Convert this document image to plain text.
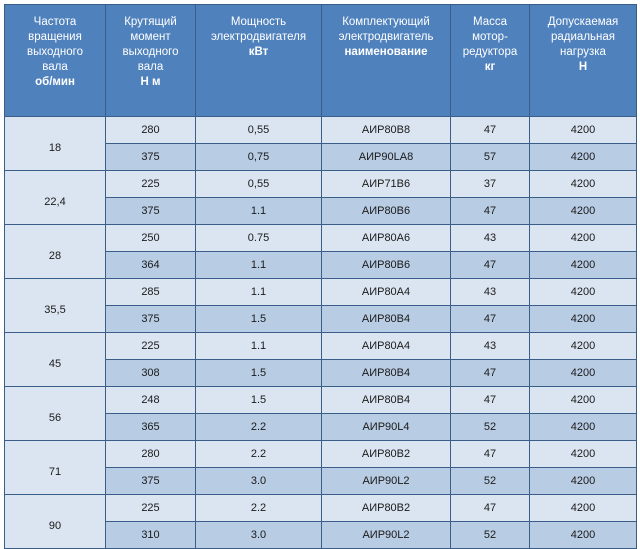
Частота
вращения
выходного
вала
об/мин	Крутящий
момент
выходного
вала
Н м	Мощность
электродвигателя
кВт	Комплектующий
электродвигатель
наименование	Масса
мотор-
редуктора
кг	Допускаемая
радиальная
нагрузка
Н

18	280	0,55	АИР80В8	47	4200
	375	0,75	АИР90LA8	57	4200
22,4	225	0,55	АИР71В6	37	4200
	375	1.1	АИР80В6	47	4200
28	250	0.75	АИР80А6	43	4200
	364	1.1	АИР80В6	47	4200
35,5	285	1.1	АИР80А4	43	4200
	375	1.5	АИР80В4	47	4200
45	225	1.1	АИР80А4	43	4200
	308	1.5	АИР80В4	47	4200
56	248	1.5	АИР80В4	47	4200
	365	2.2	АИР90L4	52	4200
71	280	2.2	АИР80В2	47	4200
	375	3.0	АИР90L2	52	4200
90	225	2.2	АИР80В2	47	4200
	310	3.0	АИР90L2	52	4200
